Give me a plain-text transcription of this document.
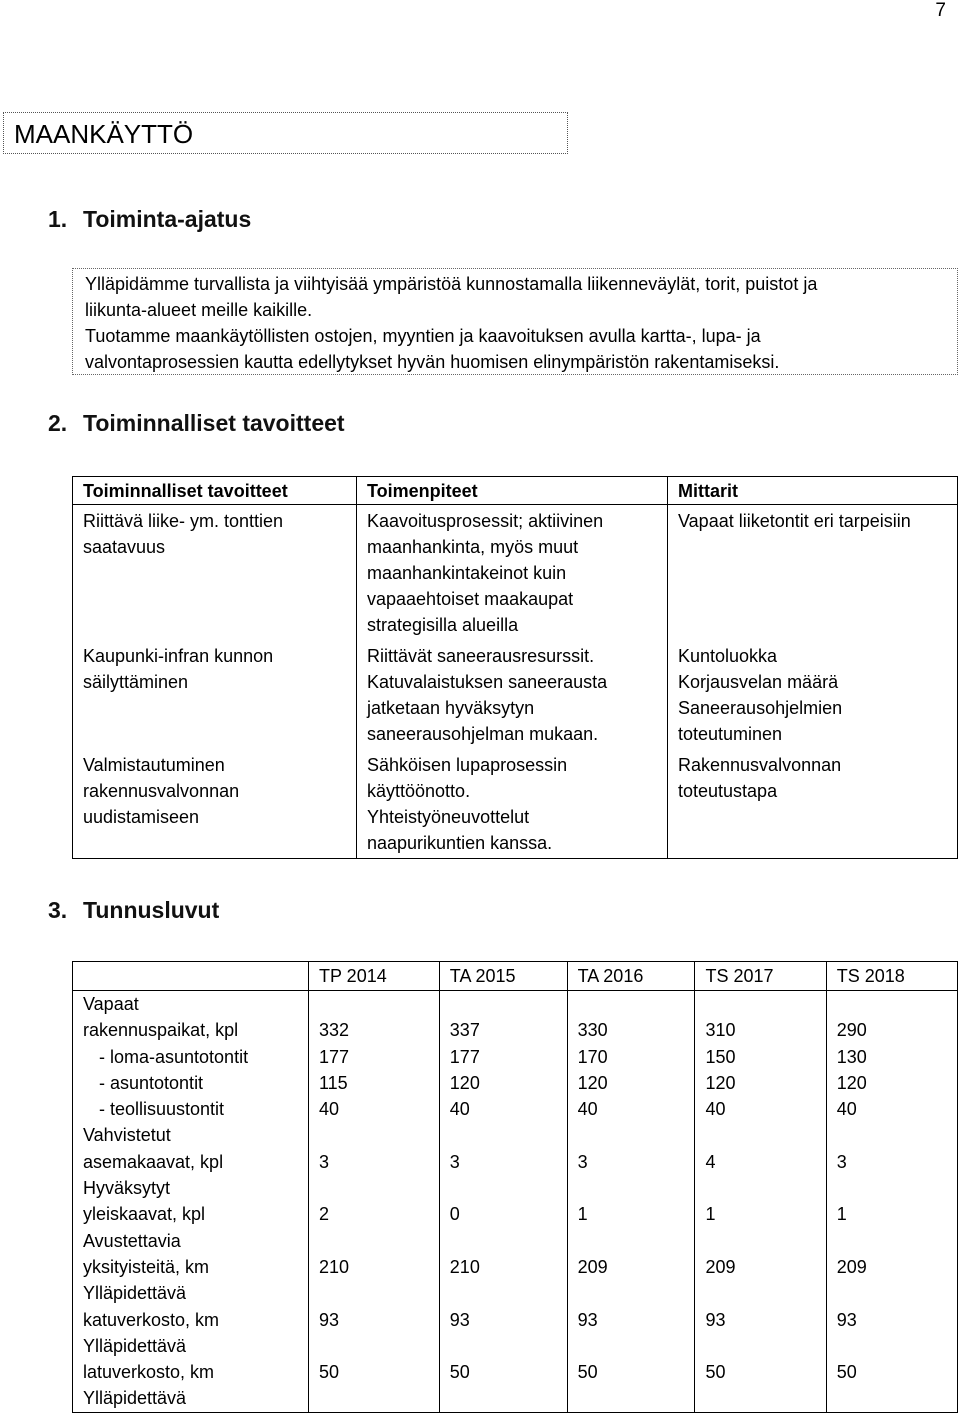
7
MAANKÄYTTÖ
1. Toiminta-ajatus

Ylläpidämme turvallista ja viihtyisää ympäristöä kunnostamalla liikenneväylät, torit, puistot ja
liikunta-alueet meille kaikille.
Tuotamme maankäytöllisten ostojen, myyntien ja kaavoituksen avulla kartta-, lupa- ja
valvontaprosessien kautta edellytykset hyvän huomisen elinympäristön rakentamiseksi.

2. Toiminnalliset tavoitteet
Toiminnalliset tavoitteet	Toimenpiteet	Mittarit

Riittävä liike- ym. tonttien
saatavuus	Kaavoitusprosessit; aktiivinen
maanhankinta, myös muut
maanhankintakeinot kuin
vapaaehtoiset maakaupat
strategisilla alueilla	Vapaat liiketontit eri tarpeisiin

Kaupunki-infran kunnon
säilyttäminen	Riittävät saneerausresurssit.
Katuvalaistuksen saneerausta
jatketaan hyväksytyn
saneerausohjelman mukaan.	Kuntoluokka
Korjausvelan määrä
Saneerausohjelmien
toteutuminen

Valmistautuminen
rakennusvalvonnan
uudistamiseen	Sähköisen lupaprosessin
käyttöönotto.
Yhteistyöneuvottelut
naapurikuntien kanssa.	Rakennusvalvonnan
toteutustapa
3. Tunnusluvut
	TP 2014	TA 2015	TA 2016	TS 2017	TS 2018
Vapaat					
rakennuspaikat, kpl	332	337	330	310	290
- loma-asuntotontit	177	177	170	150	130
- asuntotontit	115	120	120	120	120
- teollisuustontit	40	40	40	40	40
Vahvistetut					
asemakaavat, kpl	3	3	3	4	3
Hyväksytyt					
yleiskaavat, kpl	2	0	1	1	1
Avustettavia					
yksityisteitä, km	210	210	209	209	209
Ylläpidettävä					
katuverkosto, km	93	93	93	93	93
Ylläpidettävä					
latuverkosto, km	50	50	50	50	50
Ylläpidettävä					
